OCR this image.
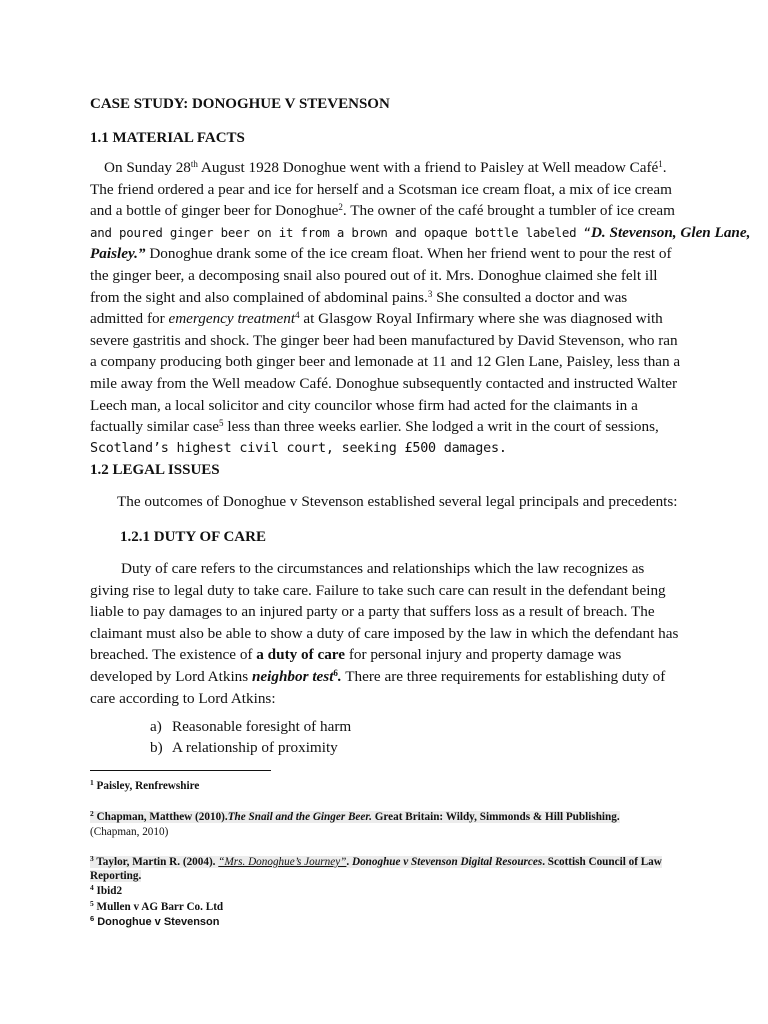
CASE STUDY: DONOGHUE V STEVENSON
1.1 MATERIAL FACTS
On Sunday 28th August 1928 Donoghue went with a friend to Paisley at Well meadow Café$^1$.
The friend ordered a pear and ice for herself and a Scotsman ice cream float, a mix of ice cream
and a bottle of ginger beer for Donoghue$^2$. The owner of the café brought a tumbler of ice cream
and poured ginger beer on it from a brown and opaque bottle labeled “D. Stevenson, Glen Lane,
Paisley.” Donoghue drank some of the ice cream float. When her friend went to pour the rest of
the ginger beer, a decomposing snail also poured out of it. Mrs. Donoghue claimed she felt ill
from the sight and also complained of abdominal pains.$^3$ She consulted a doctor and was
admitted for emergency treatment$^4$ at Glasgow Royal Infirmary where she was diagnosed with
severe gastritis and shock. The ginger beer had been manufactured by David Stevenson, who ran
a company producing both ginger beer and lemonade at 11 and 12 Glen Lane, Paisley, less than a
mile away from the Well meadow Café. Donoghue subsequently contacted and instructed Walter
Leech man, a local solicitor and city councilor whose firm had acted for the claimants in a
factually similar case$^5$ less than three weeks earlier. She lodged a writ in the court of sessions,
Scotland’s highest civil court, seeking £500 damages.
1.2 LEGAL ISSUES
The outcomes of Donoghue v Stevenson established several legal principals and precedents:
1.2.1 DUTY OF CARE
Duty of care refers to the circumstances and relationships which the law recognizes as
giving rise to legal duty to take care. Failure to take such care can result in the defendant being
liable to pay damages to an injured party or a party that suffers loss as a result of breach. The
claimant must also be able to show a duty of care imposed by the law in which the defendant has
breached. The existence of a duty of care for personal injury and property damage was
developed by Lord Atkins neighbor test$^6$. There are three requirements for establishing duty of
care according to Lord Atkins:
a) Reasonable foresight of harm
b) A relationship of proximity
$^1$ Paisley, Renfrewshire
$^2$ Chapman, Matthew (2010).The Snail and the Ginger Beer. Great Britain: Wildy, Simmonds & Hill Publishing.
(Chapman, 2010)
$^3$ Taylor, Martin R. (2004). “Mrs. Donoghue’s Journey”. Donoghue v Stevenson Digital Resources. Scottish Council of Law
Reporting.
$^4$ Ibid2
$^5$ Mullen v AG Barr Co. Ltd
$^6$ Donoghue v Stevenson
